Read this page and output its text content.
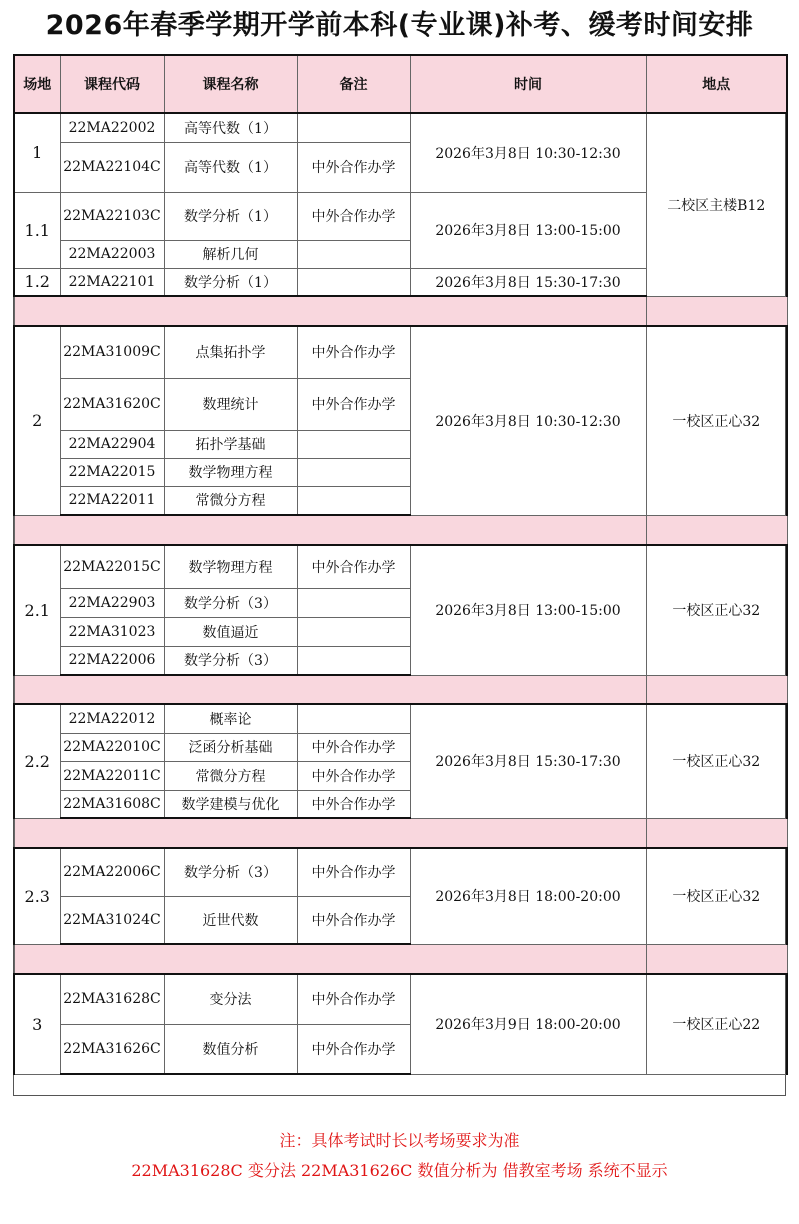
2026年春季学期开学前本科(专业课)补考、缓考时间安排
场地	课程代码	课程名称	备注	时间	地点
1	22MA22002	高等代数（1）		2026年3月8日 10:30-12:30	二校区主楼B12
	22MA22104C	高等代数（1）	中外合作办学		
1.1	22MA22103C	数学分析（1）	中外合作办学	2026年3月8日 13:00-15:00	
	22MA22003	解析几何			
1.2	22MA22101	数学分析（1）		2026年3月8日 15:30-17:30	

2	22MA31009C	点集拓扑学	中外合作办学	2026年3月8日 10:30-12:30	一校区正心32
	22MA31620C	数理统计	中外合作办学		
	22MA22904	拓扑学基础			
	22MA22015	数学物理方程			
	22MA22011	常微分方程			

2.1	22MA22015C	数学物理方程	中外合作办学	2026年3月8日 13:00-15:00	一校区正心32
	22MA22903	数学分析（3）			
	22MA31023	数值逼近			
	22MA22006	数学分析（3）			

2.2	22MA22012	概率论		2026年3月8日 15:30-17:30	一校区正心32
	22MA22010C	泛函分析基础	中外合作办学		
	22MA22011C	常微分方程	中外合作办学		
	22MA31608C	数学建模与优化	中外合作办学		

2.3	22MA22006C	数学分析（3）	中外合作办学	2026年3月8日 18:00-20:00	一校区正心32
	22MA31024C	近世代数	中外合作办学		

3	22MA31628C	变分法	中外合作办学	2026年3月9日 18:00-20:00	一校区正心22
	22MA31626C	数值分析	中外合作办学		
注：具体考试时长以考场要求为准
22MA31628C 变分法 22MA31626C 数值分析为 借教室考场 系统不显示
